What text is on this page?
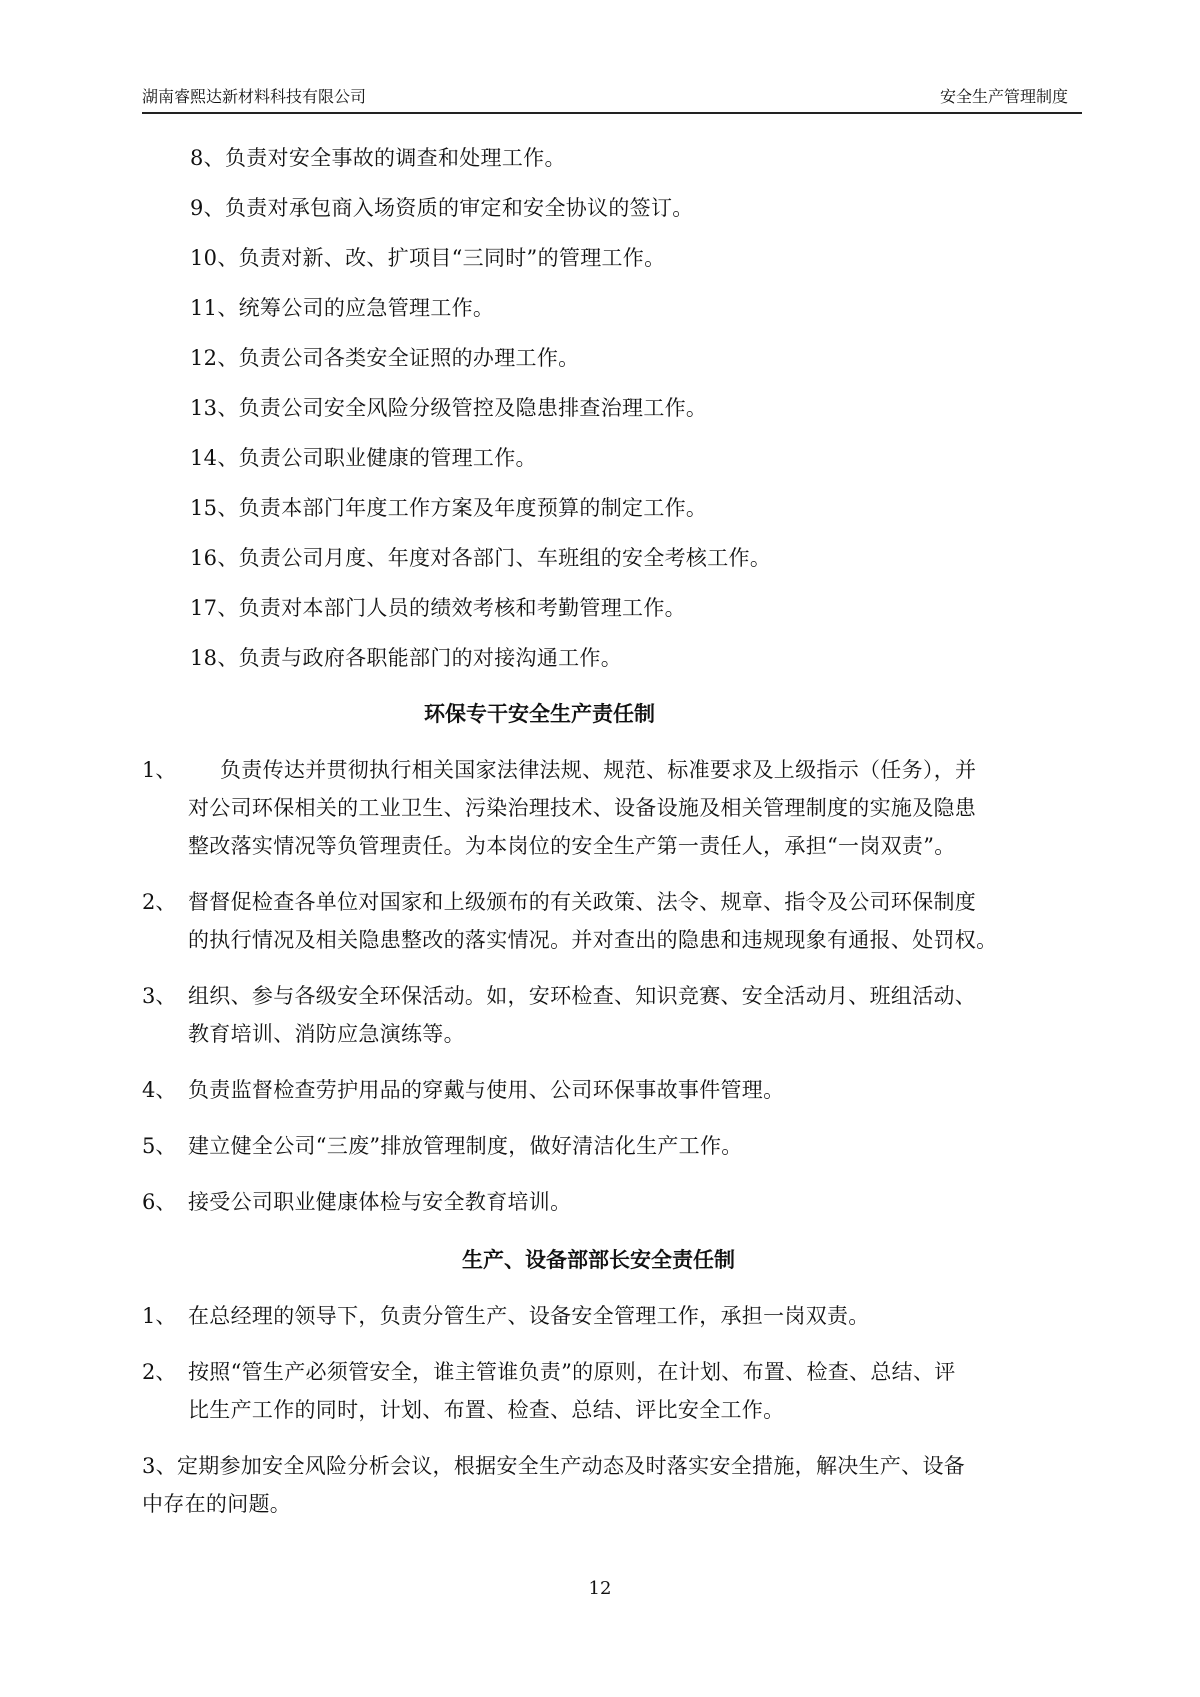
湖南睿熙达新材料科技有限公司	安全生产管理制度
8、负责对安全事故的调查和处理工作。
9、负责对承包商入场资质的审定和安全协议的签订。
10、负责对新、改、扩项目“三同时”的管理工作。
11、统筹公司的应急管理工作。
12、负责公司各类安全证照的办理工作。
13、负责公司安全风险分级管控及隐患排查治理工作。
14、负责公司职业健康的管理工作。
15、负责本部门年度工作方案及年度预算的制定工作。
16、负责公司月度、年度对各部门、车班组的安全考核工作。
17、负责对本部门人员的绩效考核和考勤管理工作。
18、负责与政府各职能部门的对接沟通工作。
环保专干安全生产责任制
1、 负责传达并贯彻执行相关国家法律法规、规范、标准要求及上级指示（任务），并
对公司环保相关的工业卫生、污染治理技术、设备设施及相关管理制度的实施及隐患
整改落实情况等负管理责任。为本岗位的安全生产第一责任人，承担“一岗双责”。
2、 督督促检查各单位对国家和上级颁布的有关政策、法令、规章、指令及公司环保制度
的执行情况及相关隐患整改的落实情况。并对查出的隐患和违规现象有通报、处罚权。
3、 组织、参与各级安全环保活动。如，安环检查、知识竞赛、安全活动月、班组活动、
教育培训、消防应急演练等。
4、 负责监督检查劳护用品的穿戴与使用、公司环保事故事件管理。
5、 建立健全公司“三废”排放管理制度，做好清洁化生产工作。
6、 接受公司职业健康体检与安全教育培训。
生产、设备部部长安全责任制
1、 在总经理的领导下，负责分管生产、设备安全管理工作，承担一岗双责。
2、 按照“管生产必须管安全，谁主管谁负责”的原则，在计划、布置、检查、总结、评
比生产工作的同时，计划、布置、检查、总结、评比安全工作。
3、定期参加安全风险分析会议，根据安全生产动态及时落实安全措施，解决生产、设备
中存在的问题。
12
